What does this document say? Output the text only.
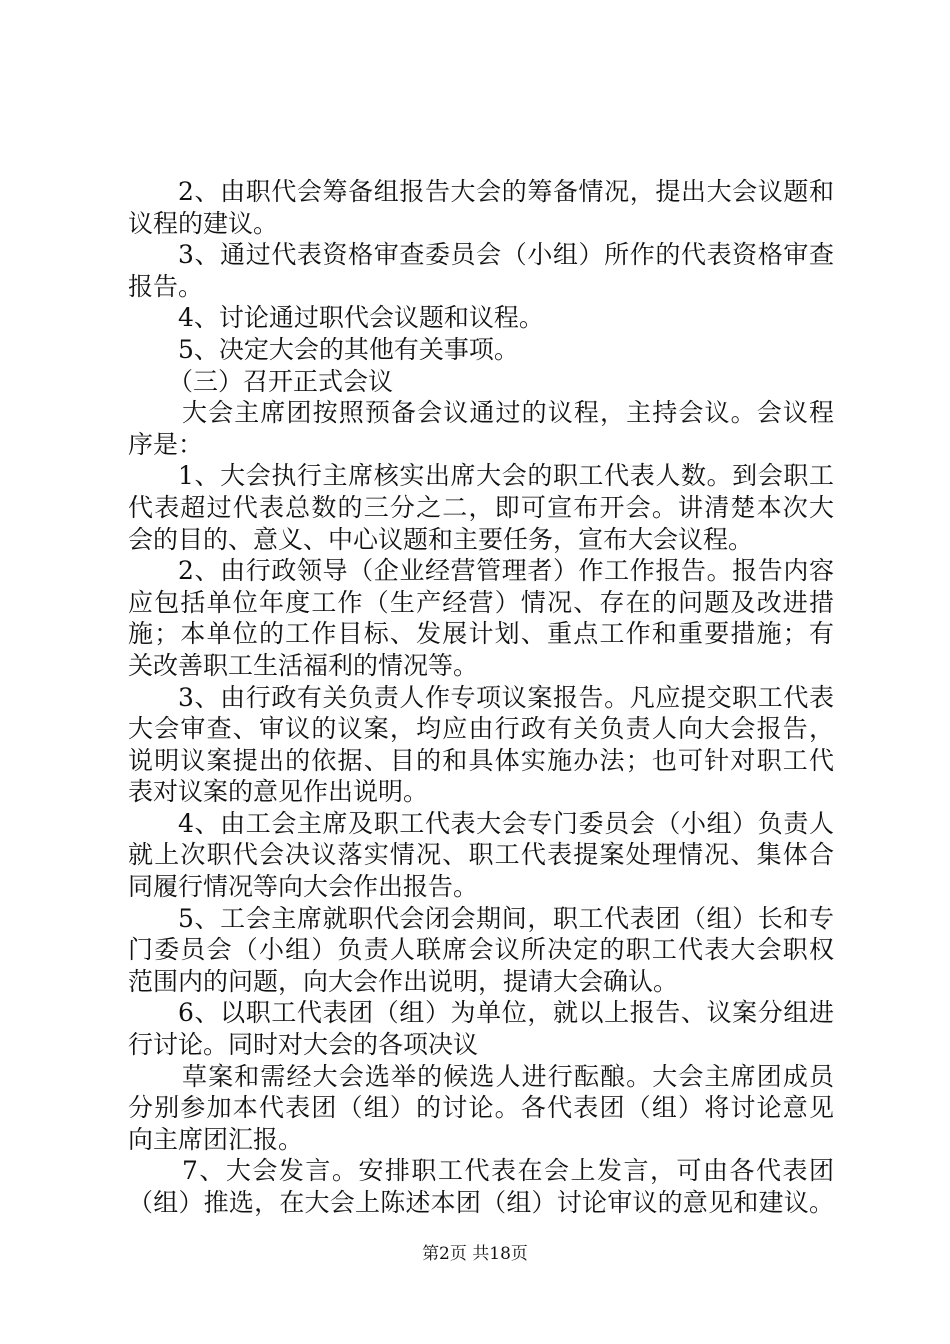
2、由职代会筹备组报告大会的筹备情况，提出大会议题和
议程的建议。
3、通过代表资格审查委员会（小组）所作的代表资格审查
报告。
4、讨论通过职代会议题和议程。
5、决定大会的其他有关事项。
（三）召开正式会议
大会主席团按照预备会议通过的议程，主持会议。会议程
序是：
1、大会执行主席核实出席大会的职工代表人数。到会职工
代表超过代表总数的三分之二，即可宣布开会。讲清楚本次大
会的目的、意义、中心议题和主要任务，宣布大会议程。
2、由行政领导（企业经营管理者）作工作报告。报告内容
应包括单位年度工作（生产经营）情况、存在的问题及改进措
施；本单位的工作目标、发展计划、重点工作和重要措施；有
关改善职工生活福利的情况等。
3、由行政有关负责人作专项议案报告。凡应提交职工代表
大会审查、审议的议案，均应由行政有关负责人向大会报告，
说明议案提出的依据、目的和具体实施办法；也可针对职工代
表对议案的意见作出说明。
4、由工会主席及职工代表大会专门委员会（小组）负责人
就上次职代会决议落实情况、职工代表提案处理情况、集体合
同履行情况等向大会作出报告。
5、工会主席就职代会闭会期间，职工代表团（组）长和专
门委员会（小组）负责人联席会议所决定的职工代表大会职权
范围内的问题，向大会作出说明，提请大会确认。
6、以职工代表团（组）为单位，就以上报告、议案分组进
行讨论。同时对大会的各项决议
草案和需经大会选举的候选人进行酝酿。大会主席团成员
分别参加本代表团（组）的讨论。各代表团（组）将讨论意见
向主席团汇报。
7、大会发言。安排职工代表在会上发言，可由各代表团
（组）推选，在大会上陈述本团（组）讨论审议的意见和建议。
第2页 共18页
